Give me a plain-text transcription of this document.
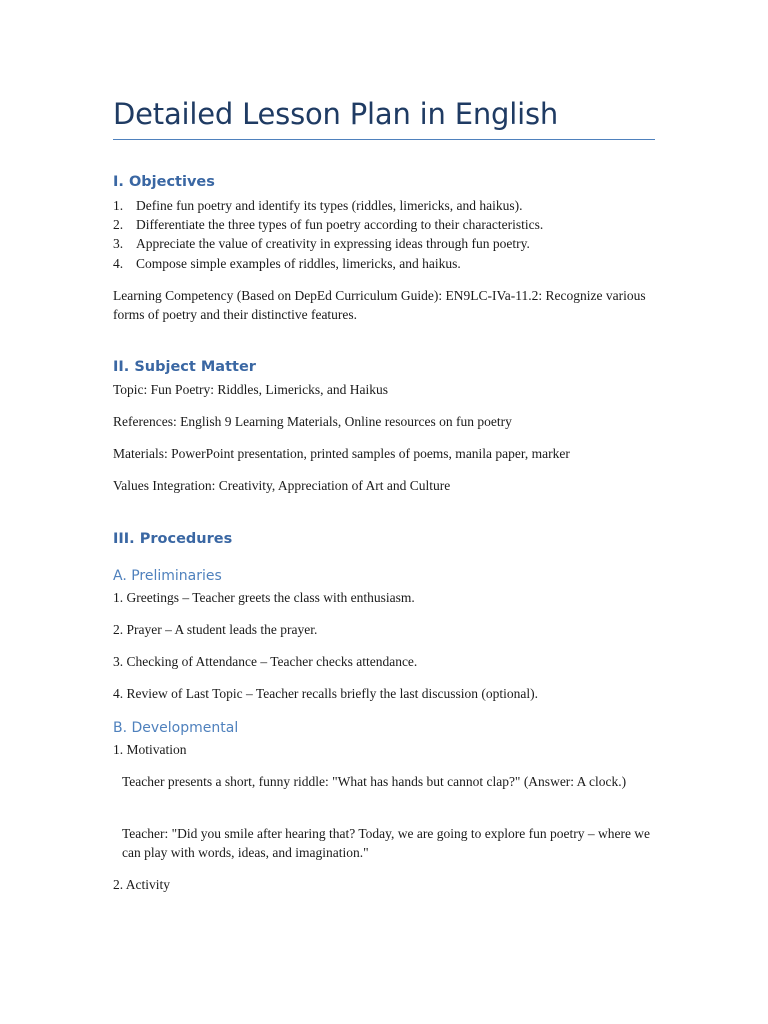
Detailed Lesson Plan in English
I. Objectives
1. Define fun poetry and identify its types (riddles, limericks, and haikus).
2. Differentiate the three types of fun poetry according to their characteristics.
3. Appreciate the value of creativity in expressing ideas through fun poetry.
4. Compose simple examples of riddles, limericks, and haikus.
Learning Competency (Based on DepEd Curriculum Guide): EN9LC-IVa-11.2: Recognize various forms of poetry and their distinctive features.
II. Subject Matter
Topic: Fun Poetry: Riddles, Limericks, and Haikus
References: English 9 Learning Materials, Online resources on fun poetry
Materials: PowerPoint presentation, printed samples of poems, manila paper, marker
Values Integration: Creativity, Appreciation of Art and Culture
III. Procedures
A. Preliminaries
1. Greetings – Teacher greets the class with enthusiasm.
2. Prayer – A student leads the prayer.
3. Checking of Attendance – Teacher checks attendance.
4. Review of Last Topic – Teacher recalls briefly the last discussion (optional).
B. Developmental
1. Motivation
Teacher presents a short, funny riddle: "What has hands but cannot clap?" (Answer: A clock.)
Teacher: "Did you smile after hearing that? Today, we are going to explore fun poetry – where we can play with words, ideas, and imagination."
2. Activity
